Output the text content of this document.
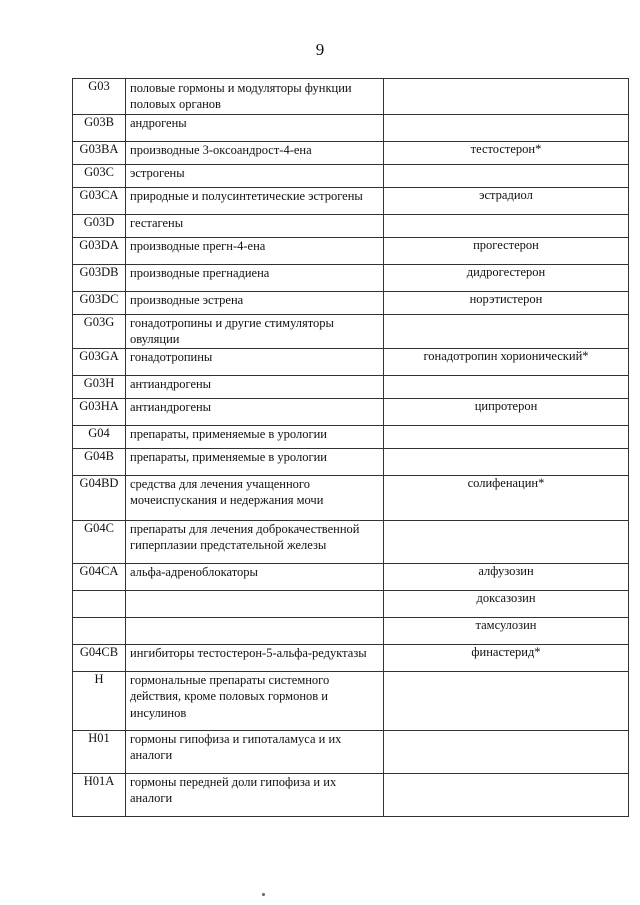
9
G03	половые гормоны и модуляторы функции половых органов	
G03B	андрогены	
G03BA	производные 3-оксоандрост-4-ена	тестостерон*
G03C	эстрогены	
G03CA	природные и полусинтетические эстрогены	эстрадиол
G03D	гестагены	
G03DA	производные прегн-4-ена	прогестерон
G03DB	производные прегнадиена	дидрогестерон
G03DC	производные эстрена	норэтистерон
G03G	гонадотропины и другие стимуляторы овуляции	
G03GA	гонадотропины	гонадотропин хорионический*
G03H	антиандрогены	
G03HA	антиандрогены	ципротерон
G04	препараты, применяемые в урологии	
G04B	препараты, применяемые в урологии	
G04BD	средства для лечения учащенного мочеиспускания и недержания мочи	солифенацин*
G04C	препараты для лечения доброкачественной гиперплазии предстательной железы	
G04CA	альфа-адреноблокаторы	алфузозин
		доксазозин
		тамсулозин
G04CB	ингибиторы тестостерон-5-альфа-редуктазы	финастерид*
H	гормональные препараты системного действия, кроме половых гормонов и инсулинов	
H01	гормоны гипофиза и гипоталамуса и их аналоги	
H01A	гормоны передней доли гипофиза и их аналоги	
